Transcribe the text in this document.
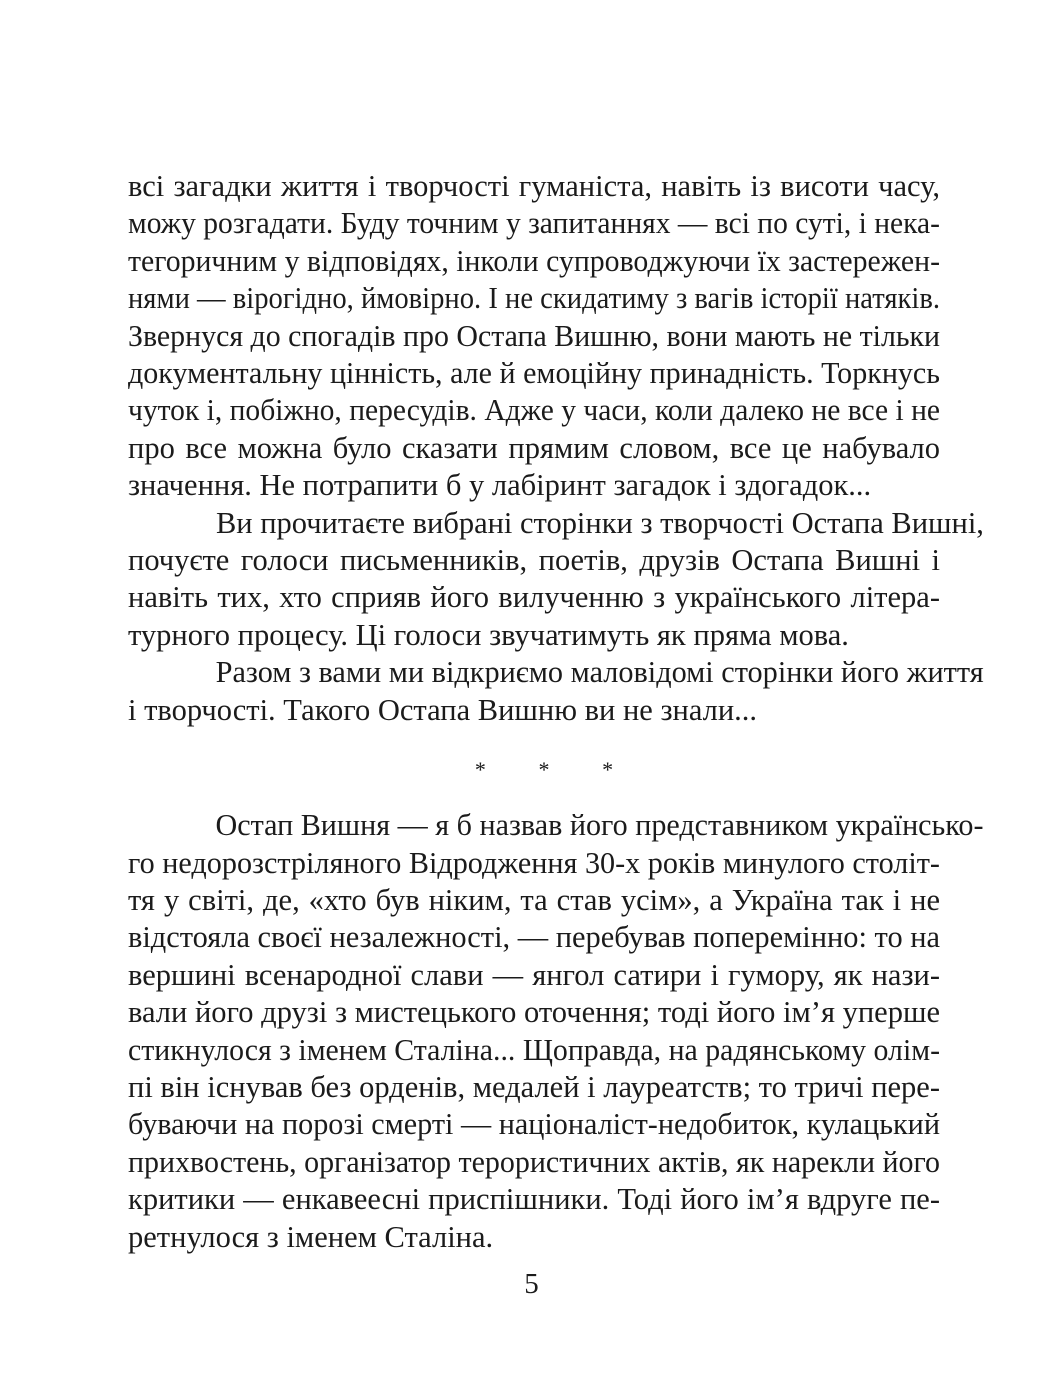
всі загадки життя і творчості гуманіста, навіть із висоти часу,

можу розгадати. Буду точним у запитаннях — всі по суті, і нека-

тегоричним у відповідях, інколи супроводжуючи їх застережен-

нями — вірогідно, ймовірно. І не скидатиму з вагів історії натяків.

Звернуся до спогадів про Остапа Вишню, вони мають не тільки

документальну цінність, але й емоційну принадність. Торкнусь

чуток і, побіжно, пересудів. Адже у часи, коли далеко не все і не

про все можна було сказати прямим словом, все це набувало

значення. Не потрапити б у лабіринт загадок і здогадок...

Ви прочитаєте вибрані сторінки з творчості Остапа Вишні,

почуєте голоси письменників, поетів, друзів Остапа Вишні і

навіть тих, хто сприяв його вилученню з українського літера-

турного процесу. Ці голоси звучатимуть як пряма мова.

Разом з вами ми відкриємо маловідомі сторінки його життя

і творчості. Такого Остапа Вишню ви не знали...

* * *

Остап Вишня — я б назвав його представником українсько-

го недорозстріляного Відродження 30-х років минулого століт-

тя у світі, де, «хто був ніким, та став усім», а Україна так і не

відстояла своєї незалежності, — перебував поперемінно: то на

вершині всенародної слави — янгол сатири і гумору, як нази-

вали його друзі з мистецького оточення; тоді його ім’я уперше

стикнулося з іменем Сталіна... Щоправда, на радянському олім-

пі він існував без орденів, медалей і лауреатств; то тричі пере-

буваючи на порозі смерті — націоналіст-недобиток, кулацький

прихвостень, організатор терористичних актів, як нарекли його

критики — енкавеесні приспішники. Тоді його ім’я вдруге пе-

ретнулося з іменем Сталіна.

5
